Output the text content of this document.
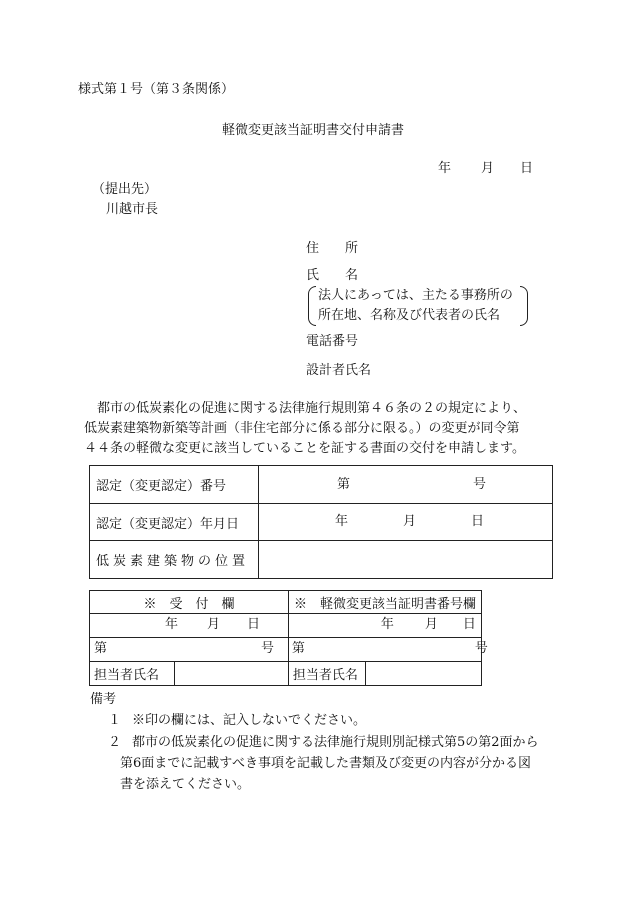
様式第１号（第３条関係）
軽微変更該当証明書交付申請書
年 月 日
（提出先）
川越市長
住　　所
氏　　名
法人にあっては、主たる事務所の
所在地、名称及び代表者の氏名
電話番号
設計者氏名
　都市の低炭素化の促進に関する法律施行規則第４６条の２の規定により、
低炭素建築物新築等計画（非住宅部分に係る部分に限る。）の変更が同令第
４４条の軽微な変更に該当していることを証する書面の交付を申請します。
認定（変更認定）番号	第 号

認定（変更認定）年月日	年 月 日

低炭素建築物の位置	
※　受　付　欄		※　軽微変更該当証明書番号欄	

年 月 日		年 月 日	

第 号		第 号	

担当者氏名		担当者氏名	
備考
１ ※印の欄には、記入しないでください。
２ 都市の低炭素化の促進に関する法律施行規則別記様式第5の第2面から
第6面までに記載すべき事項を記載した書類及び変更の内容が分かる図
書を添えてください。
